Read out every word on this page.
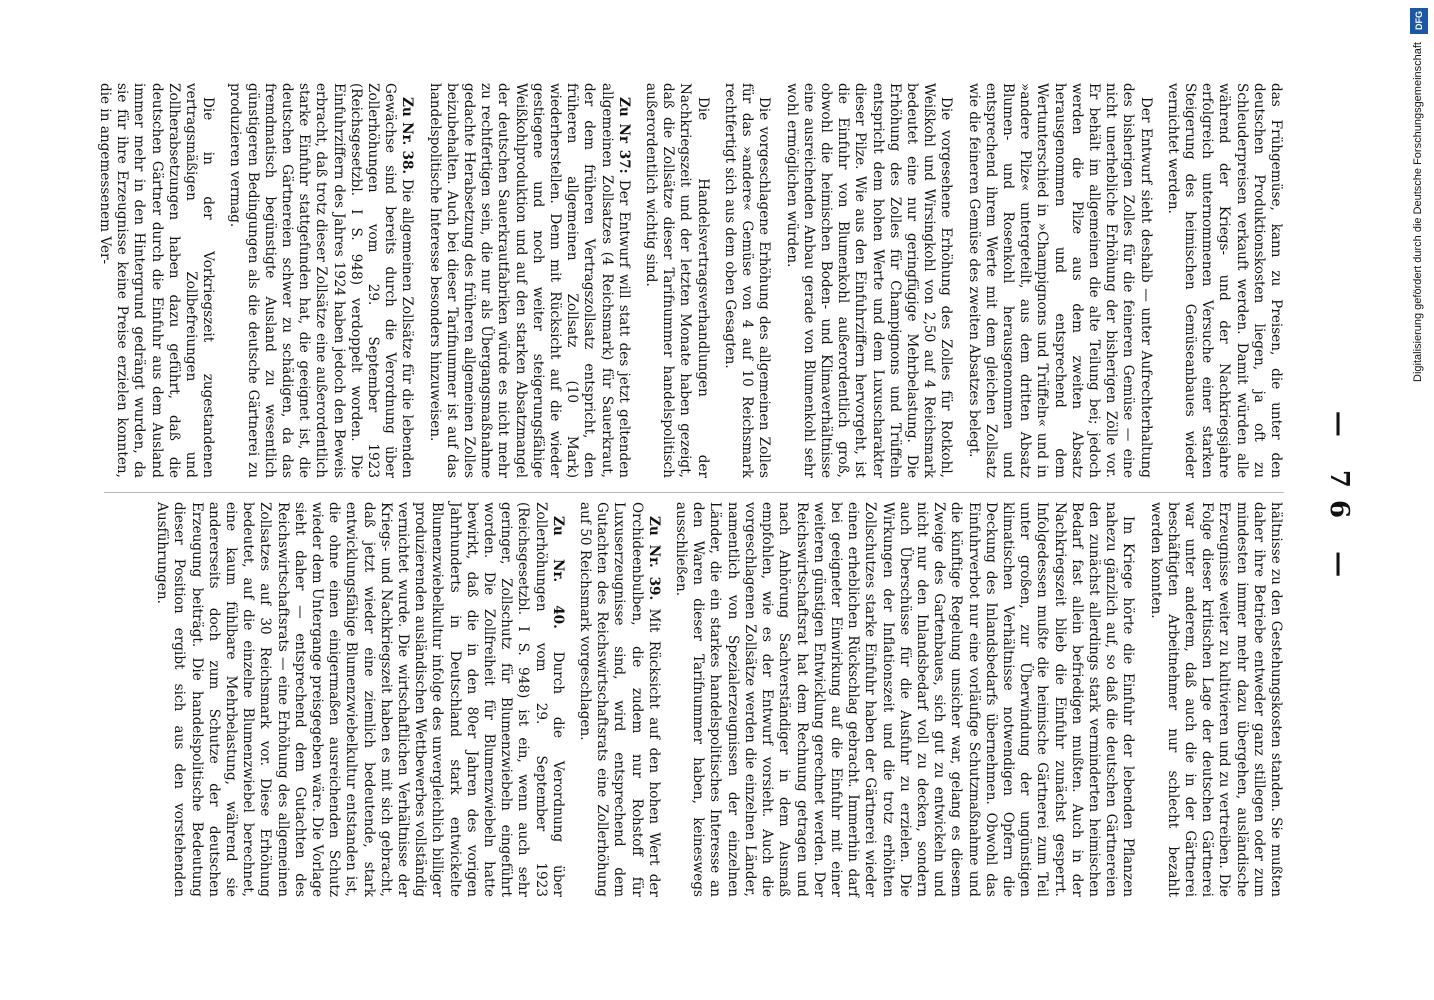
— 76 —

das Frühgemüse, kann zu Preisen, die unter den deutschen Produktionskosten liegen, ja oft zu Schleuderpreisen verkauft werden. Damit würden alle während der Kriegs- und der Nachkriegsjahre erfolgreich unternommenen Versuche einer starken Steigerung des heimischen Gemüseanbaues wieder vernichtet werden.

Der Entwurf sieht deshalb — unter Aufrechterhaltung des bisherigen Zolles für die feineren Gemüse — eine nicht unerhebliche Erhöhung der bisherigen Zölle vor. Er behält im allgemeinen die alte Teilung bei; jedoch werden die Pilze aus dem zweiten Absatz herausgenommen und entsprechend dem Wertunterschied in »Champignons und Trüffeln« und in »andere Pilze« untergeteilt, aus dem dritten Absatz Blumen- und Rosenkohl herausgenommen und entsprechend ihrem Werte mit dem gleichen Zollsatz wie die feineren Gemüse des zweiten Absatzes belegt.

Die vorgesehene Erhöhung des Zolles für Rotkohl, Weißkohl und Wirsingkohl von 2,50 auf 4 Reichsmark bedeutet eine nur geringfügige Mehrbelastung. Die Erhöhung des Zolles für Champignons und Trüffeln entspricht dem hohen Werte und dem Luxuscharakter dieser Pilze. Wie aus den Einfuhrziffern hervorgeht, ist die Einfuhr von Blumenkohl außerordentlich groß, obwohl die heimischen Boden- und Klimaverhältnisse eine ausreichenden Anbau gerade von Blumenkohl sehr wohl ermöglichen würden.

Die vorgeschlagene Erhöhung des allgemeinen Zolles für das »andere« Gemüse von 4 auf 10 Reichsmark rechtfertigt sich aus dem oben Gesagten.

Die Handelsvertragsverhandlungen der Nachkriegszeit und der letzten Monate haben gezeigt, daß die Zollsätze dieser Tarifnummer handelspolitisch außerordentlich wichtig sind.

Zu Nr 37: Der Entwurf will statt des jetzt geltenden allgemeinen Zollsatzes (4 Reichsmark) für Sauerkraut, der dem früheren Vertragszollsatz entspricht, den früheren allgemeinen Zollsatz (10 Mark) wiederherstellen. Denn mit Rücksicht auf die wieder gestiegene und noch weiter steigerungsfähige Weißkohlproduktion und auf den starken Absatzmangel der deutschen Sauerkrautfabriken würde es nicht mehr zu rechtfertigen sein, die nur als Übergangsmaßnahme gedachte Herabsetzung des früheren allgemeinen Zolles beizubehalten. Auch bei dieser Tarifnummer ist auf das handelspolitische Interesse besonders hinzuweisen.

Zu Nr. 38. Die allgemeinen Zollsätze für die lebenden Gewächse sind bereits durch die Verordnung über Zollerhöhungen vom 29. September 1923 (Reichsgesetzbl. I S. 948) verdoppelt worden. Die Einfuhrziffern des Jahres 1924 haben jedoch den Beweis erbracht, daß trotz dieser Zollsätze eine außerordentlich starke Einfuhr stattgefunden hat, die geeignet ist, die deutschen Gärtnereien schwer zu schädigen, da das fremdmatisch begünstigte Ausland zu wesentlich günstigeren Bedingungen als die deutsche Gärtnerei zu produzieren vermag.

Die in der Vorkriegszeit zugestandenen vertragsmäßigen Zollbefreiungen und Zollherabsetzungen haben dazu geführt, daß die deutschen Gärtner durch die Einfuhr aus dem Ausland immer mehr in den Hintergrund gedrängt wurden, da sie für ihre Erzeugnisse keine Preise erzielen konnten, die in angemessenem Ver-

hältnisse zu den Gestehungskosten standen. Sie mußten daher ihre Betriebe entweder ganz stillegen oder zum mindesten immer mehr dazu übergehen, ausländische Erzeugnisse weiter zu kultivieren und zu vertreiben. Die Folge dieser kritischen Lage der deutschen Gärtnerei war unter anderem, daß auch die in der Gärtnerei beschäftigten Arbeitnehmer nur schlecht bezahlt werden konnten.

Im Kriege hörte die Einfuhr der lebenden Pflanzen nahezu gänzlich auf, so daß die deutschen Gärtnereien den zunächst allerdings stark verminderten heimischen Bedarf fast allein befriedigen mußten. Auch in der Nachkriegszeit blieb die Einfuhr zunächst gesperrt. Infolgedessen mußte die heimische Gärtnerei zum Teil unter großen, zur Überwindung der ungünstigen klimatischen Verhältnisse notwendigen Opfern die Deckung des Inlandsbedarfs übernehmen. Obwohl das Einfuhrverbot nur eine vorläufige Schutzmaßnahme und die künftige Regelung unsicher war, gelang es diesem Zweige des Gartenbaues, sich gut zu entwickeln und nicht nur den Inlandsbedarf voll zu decken, sondern auch Überschüsse für die Ausfuhr zu erzielen. Die Wirkungen der Inflationszeit und die trotz erhöhten Zollschutzes starke Einfuhr haben der Gärtnerei wieder einen erheblichen Rückschlag gebracht. Immerhin darf bei geeigneter Einwirkung auf die Einfuhr mit einer weiteren günstigen Entwicklung gerechnet werden. Der Reichswirtschaftsrat hat dem Rechnung getragen und nach Anhörung Sachverständiger in dem Ausmaß empfohlen, wie es der Entwurf vorsieht. Auch die vorgeschlagenen Zollsätze werden die einzelnen Länder, namentlich von Spezialerzeugnissen der einzelnen Länder, die ein starkes handelspolitisches Interesse an den Waren dieser Tarifnummer haben, keineswegs ausschließen.

Zu Nr. 39. Mit Rücksicht auf den hohen Wert der Orchideenbulben, die zudem nur Rohstoff für Luxuserzeugnisse sind, wird entsprechend dem Gutachten des Reichswirtschaftsrats eine Zollerhöhung auf 50 Reichsmark vorgeschlagen.

Zu Nr. 40. Durch die Verordnung über Zollerhöhungen vom 29. September 1923 (Reichsgesetzbl. I S. 948) ist ein, wenn auch sehr geringer, Zollschutz für Blumenzwiebeln eingeführt worden. Die Zollfreiheit für Blumenzwiebeln hatte bewirkt, daß die in den 80er Jahren des vorigen Jahrhunderts in Deutschland stark entwickelte Blumenzwiebelkultur infolge des unvergleichlich billiger produzierenden ausländischen Wettbewerbes vollständig vernichtet wurde. Die wirtschaftlichen Verhältnisse der Kriegs- und Nachkriegszeit haben es mit sich gebracht, daß jetzt wieder eine ziemlich bedeutende, stark entwicklungsfähige Blumenzwiebelkultur entstanden ist, die ohne einen einigermaßen ausreichenden Schutz wieder dem Untergange preisgegeben wäre. Die Vorlage sieht daher — entsprechend dem Gutachten des Reichswirtschaftsrats — eine Erhöhung des allgemeinen Zollsatzes auf 30 Reichsmark vor. Diese Erhöhung bedeutet, auf die einzelne Blumenzwiebel berechnet, eine kaum fühlbare Mehrbelastung, während sie andererseits doch zum Schutze der deutschen Erzeugung beiträgt. Die handelspolitische Bedeutung dieser Position ergibt sich aus den vorstehenden Ausführungen.

DFG
Digitalisierung gefördert durch die Deutsche Forschungsgemeinschaft
